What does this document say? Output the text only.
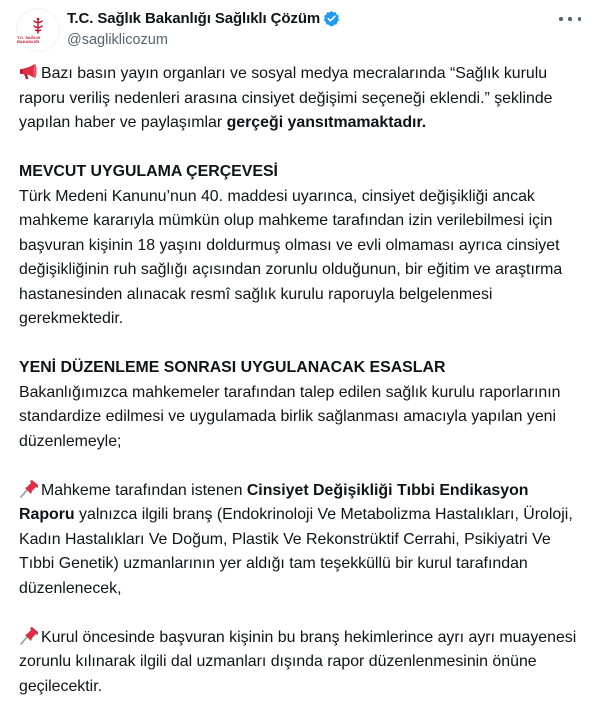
T.C. SAĞLIK BAKANLIĞI
T.C. Sağlık Bakanlığı Sağlıklı Çözüm
@sagliklicozum

Bazı basın yayın organları ve sosyal medya mecralarında “Sağlık kurulu raporu veriliş nedenleri arasına cinsiyet değişimi seçeneği eklendi.” şeklinde yapılan haber ve paylaşımlar gerçeği yansıtmamaktadır.

MEVCUT UYGULAMA ÇERÇEVESİ

Türk Medeni Kanunu’nun 40. maddesi uyarınca, cinsiyet değişikliği ancak mahkeme kararıyla mümkün olup mahkeme tarafından izin verilebilmesi için başvuran kişinin 18 yaşını doldurmuş olması ve evli olmaması ayrıca cinsiyet değişikliğinin ruh sağlığı açısından zorunlu olduğunun, bir eğitim ve araştırma hastanesinden alınacak resmî sağlık kurulu raporuyla belgelenmesi gerekmektedir.

YENİ DÜZENLEME SONRASI UYGULANACAK ESASLAR

Bakanlığımızca mahkemeler tarafından talep edilen sağlık kurulu raporlarının standardize edilmesi ve uygulamada birlik sağlanması amacıyla yapılan yeni düzenlemeyle;

Mahkeme tarafından istenen Cinsiyet Değişikliği Tıbbi Endikasyon Raporu yalnızca ilgili branş (Endokrinoloji Ve Metabolizma Hastalıkları, Üroloji, Kadın Hastalıkları Ve Doğum, Plastik Ve Rekonstrüktif Cerrahi, Psikiyatri Ve Tıbbi Genetik) uzmanlarının yer aldığı tam teşekküllü bir kurul tarafından düzenlenecek,

Kurul öncesinde başvuran kişinin bu branş hekimlerince ayrı ayrı muayenesi zorunlu kılınarak ilgili dal uzmanları dışında rapor düzenlenmesinin önüne geçilecektir.
